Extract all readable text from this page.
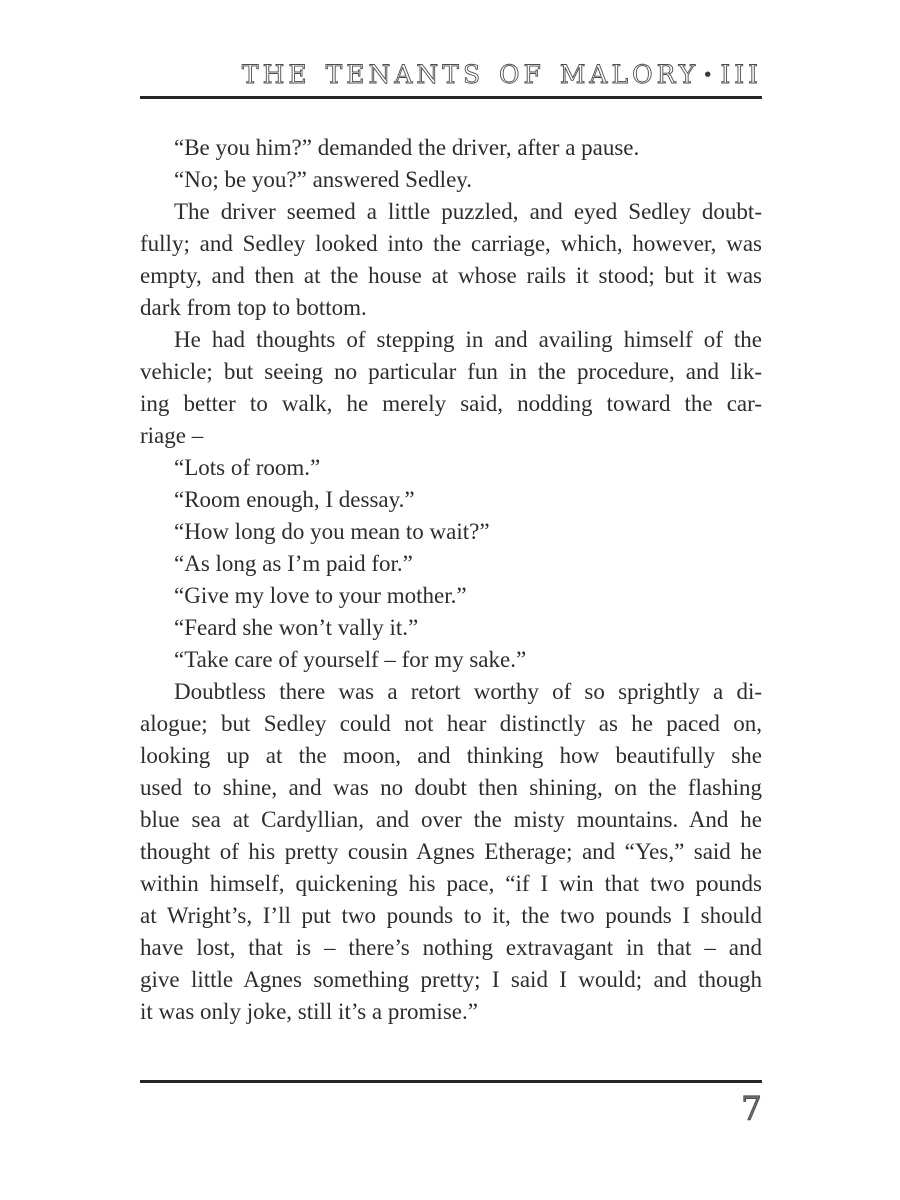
THE TENANTS OF MALORY • III
“Be you him?” demanded the driver, after a pause.
“No; be you?” answered Sedley.
The driver seemed a little puzzled, and eyed Sedley doubt-
fully; and Sedley looked into the carriage, which, however, was
empty, and then at the house at whose rails it stood; but it was
dark from top to bottom.
He had thoughts of stepping in and availing himself of the
vehicle; but seeing no particular fun in the procedure, and lik-
ing better to walk, he merely said, nodding toward the car-
riage –
“Lots of room.”
“Room enough, I dessay.”
“How long do you mean to wait?”
“As long as I’m paid for.”
“Give my love to your mother.”
“Feard she won’t vally it.”
“Take care of yourself – for my sake.”
Doubtless there was a retort worthy of so sprightly a di-
alogue; but Sedley could not hear distinctly as he paced on,
looking up at the moon, and thinking how beautifully she
used to shine, and was no doubt then shining, on the flashing
blue sea at Cardyllian, and over the misty mountains. And he
thought of his pretty cousin Agnes Etherage; and “Yes,” said he
within himself, quickening his pace, “if I win that two pounds
at Wright’s, I’ll put two pounds to it, the two pounds I should
have lost, that is – there’s nothing extravagant in that – and
give little Agnes something pretty; I said I would; and though
it was only joke, still it’s a promise.”
7
